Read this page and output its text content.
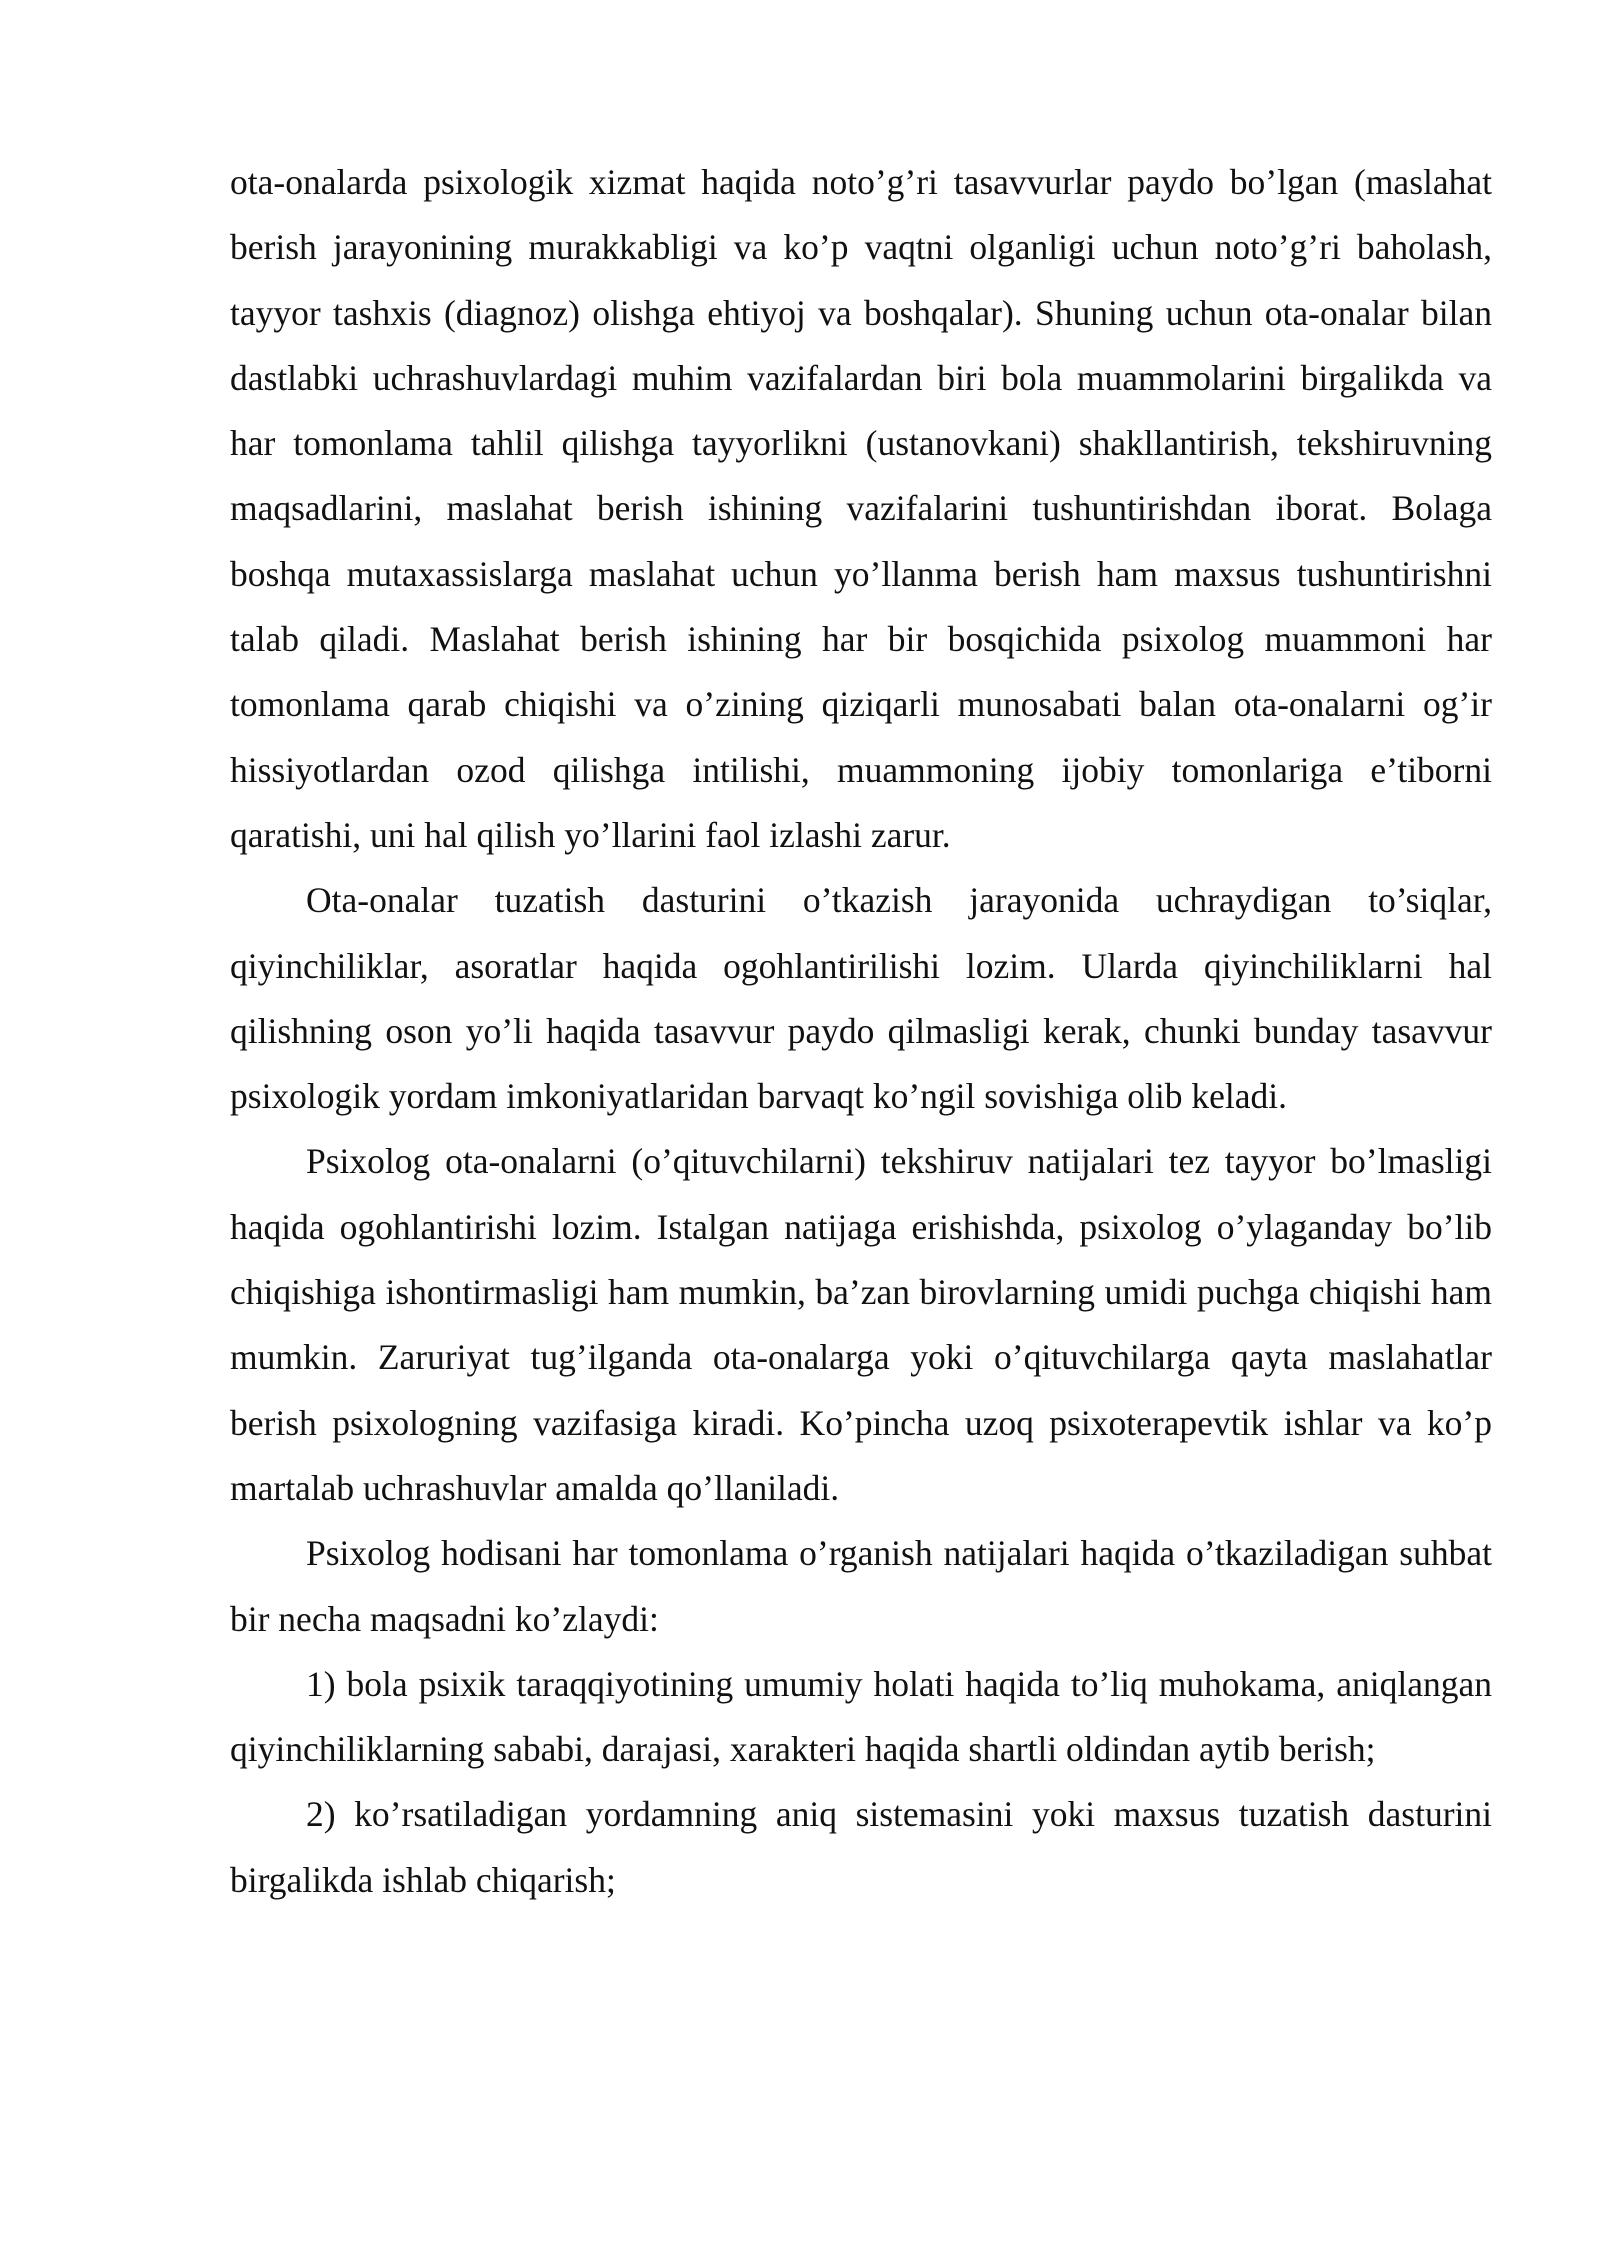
ota-onalarda psixologik xizmat haqida noto’g’ri tasavvurlar paydo bo’lgan (maslahat berish jarayonining murakkabligi va ko’p vaqtni olganligi uchun noto’g’ri baholash, tayyor tashxis (diagnoz) olishga ehtiyoj va boshqalar). Shuning uchun ota-onalar bilan dastlabki uchrashuvlardagi muhim vazifalardan biri bola muammolarini birgalikda va har tomonlama tahlil qilishga tayyorlikni (ustanovkani) shakllantirish, tekshiruvning maqsadlarini, maslahat berish ishining vazifalarini tushuntirishdan iborat. Bolaga boshqa mutaxassislarga maslahat uchun yo’llanma berish ham maxsus tushuntirishni talab qiladi. Maslahat berish ishining har bir bosqichida psixolog muammoni har tomonlama qarab chiqishi va o’zining qiziqarli munosabati balan ota-onalarni og’ir hissiyotlardan ozod qilishga intilishi, muammoning ijobiy tomonlariga e’tiborni qaratishi, uni hal qilish yo’llarini faol izlashi zarur.

Ota-onalar tuzatish dasturini o’tkazish jarayonida uchraydigan to’siqlar, qiyinchiliklar, asoratlar haqida ogohlantirilishi lozim. Ularda qiyinchiliklarni hal qilishning oson yo’li haqida tasavvur paydo qilmasligi kerak, chunki bunday tasavvur psixologik yordam imkoniyatlaridan barvaqt ko’ngil sovishiga olib keladi.

Psixolog ota-onalarni (o’qituvchilarni) tekshiruv natijalari tez tayyor bo’lmasligi haqida ogohlantirishi lozim. Istalgan natijaga erishishda, psixolog o’ylaganday bo’lib chiqishiga ishontirmasligi ham mumkin, ba’zan birovlarning umidi puchga chiqishi ham mumkin. Zaruriyat tug’ilganda ota-onalarga yoki o’qituvchilarga qayta maslahatlar berish psixologning vazifasiga kiradi. Ko’pincha uzoq psixoterapevtik ishlar va ko’p martalab uchrashuvlar amalda qo’llaniladi.

Psixolog hodisani har tomonlama o’rganish natijalari haqida o’tkaziladigan suhbat bir necha maqsadni ko’zlaydi:

1) bola psixik taraqqiyotining umumiy holati haqida to’liq muhokama, aniqlangan qiyinchiliklarning sababi, darajasi, xarakteri haqida shartli oldindan aytib berish;

2) ko’rsatiladigan yordamning aniq sistemasini yoki maxsus tuzatish dasturini birgalikda ishlab chiqarish;
